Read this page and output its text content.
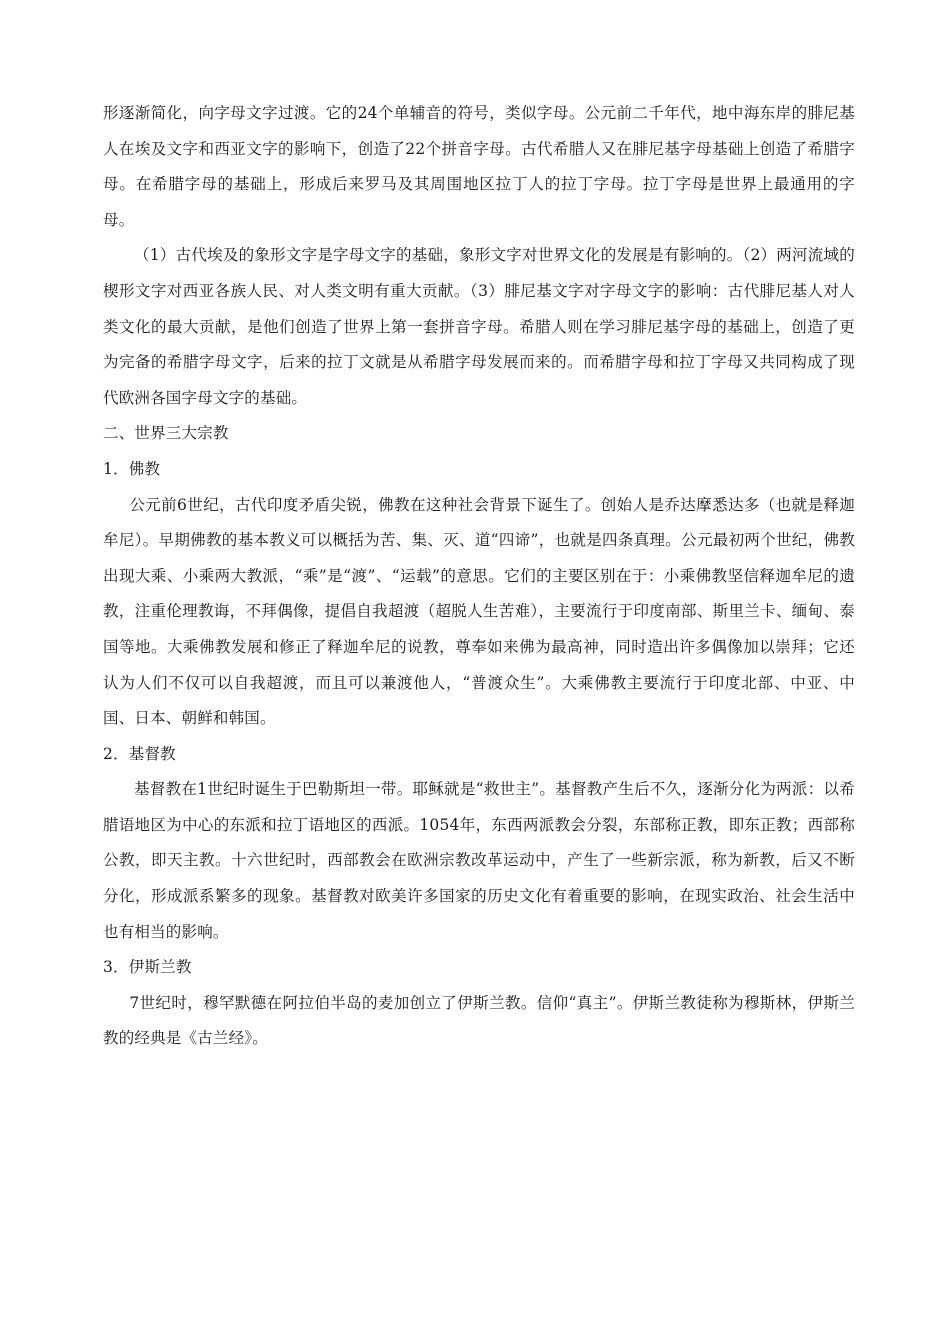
形逐渐简化，向字母文字过渡。它的24个单辅音的符号，类似字母。公元前二千年代，地中海东岸的腓尼基人在埃及文字和西亚文字的影响下，创造了22个拼音字母。古代希腊人又在腓尼基字母基础上创造了希腊字母。在希腊字母的基础上，形成后来罗马及其周围地区拉丁人的拉丁字母。拉丁字母是世界上最通用的字母。

（1）古代埃及的象形文字是字母文字的基础，象形文字对世界文化的发展是有影响的。（2）两河流域的楔形文字对西亚各族人民、对人类文明有重大贡献。（3）腓尼基文字对字母文字的影响：古代腓尼基人对人类文化的最大贡献，是他们创造了世界上第一套拼音字母。希腊人则在学习腓尼基字母的基础上，创造了更为完备的希腊字母文字，后来的拉丁文就是从希腊字母发展而来的。而希腊字母和拉丁字母又共同构成了现代欧洲各国字母文字的基础。

二、世界三大宗教
1．佛教

公元前6世纪，古代印度矛盾尖锐，佛教在这种社会背景下诞生了。创始人是乔达摩悉达多（也就是释迦牟尼）。早期佛教的基本教义可以概括为苦、集、灭、道“四谛”，也就是四条真理。公元最初两个世纪，佛教出现大乘、小乘两大教派，“乘”是“渡”、“运载”的意思。它们的主要区别在于：小乘佛教坚信释迦牟尼的遗教，注重伦理教诲，不拜偶像，提倡自我超渡（超脱人生苦难），主要流行于印度南部、斯里兰卡、缅甸、泰国等地。大乘佛教发展和修正了释迦牟尼的说教，尊奉如来佛为最高神，同时造出许多偶像加以崇拜；它还认为人们不仅可以自我超渡，而且可以兼渡他人，“普渡众生”。大乘佛教主要流行于印度北部、中亚、中国、日本、朝鲜和韩国。

2．基督教

基督教在1世纪时诞生于巴勒斯坦一带。耶稣就是“救世主”。基督教产生后不久，逐渐分化为两派：以希腊语地区为中心的东派和拉丁语地区的西派。1054年，东西两派教会分裂，东部称正教，即东正教；西部称公教，即天主教。十六世纪时，西部教会在欧洲宗教改革运动中，产生了一些新宗派，称为新教，后又不断分化，形成派系繁多的现象。基督教对欧美许多国家的历史文化有着重要的影响，在现实政治、社会生活中也有相当的影响。

3．伊斯兰教

7世纪时，穆罕默德在阿拉伯半岛的麦加创立了伊斯兰教。信仰“真主”。伊斯兰教徒称为穆斯林，伊斯兰教的经典是《古兰经》。
